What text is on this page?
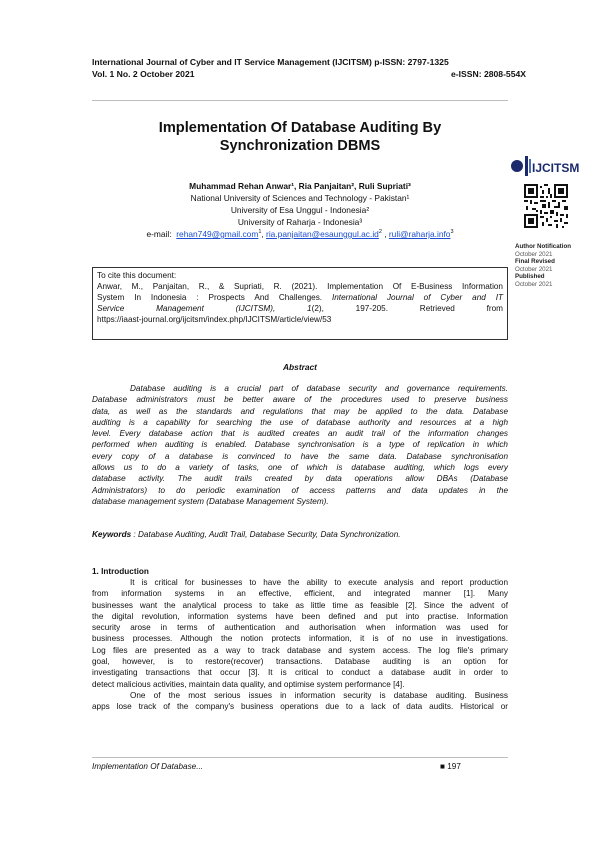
International Journal of Cyber and IT Service Management (IJCITSM) p-ISSN: 2797-1325
Vol. 1 No. 2 October 2021	e-ISSN: 2808-554X
Implementation Of Database Auditing By
Synchronization DBMS
Muhammad Rehan Anwar¹, Ria Panjaitan², Ruli Supriati³
National University of Sciences and Technology - Pakistan¹
University of Esa Unggul - Indonesia²
University of Raharja - Indonesia³
e-mail: rehan749@gmail.com$^1$, $ria.panjaitan@esaunggul.ac.id^2$ , ruli@raharja.info$^3$
IJCITSM
Author Notification
October 2021
Final Revised
October 2021
Published
October 2021
To cite this document:
Anwar, M., Panjaitan, R., & Supriati, R. (2021). Implementation Of E-Business Information
System In Indonesia : Prospects And Challenges. International Journal of Cyber and IT
Service Management (IJCITSM),	1(2), 197-205. Retrieved from
https://iaast-journal.org/ijcitsm/index.php/IJCITSM/article/view/53
Abstract
Database auditing is a crucial part of database security and governance requirements.
Database administrators must be better aware of the procedures used to preserve business
data, as well as the standards and regulations that may be applied to the data. Database
auditing is a capability for searching the use of database authority and resources at a high
level. Every database action that is audited creates an audit trail of the information changes
performed when auditing is enabled. Database synchronisation is a type of replication in which
every copy of a database is convinced to have the same data. Database synchronisation
allows us to do a variety of tasks, one of which is database auditing, which logs every
database activity. The audit trails created by data operations allow DBAs (Database
Administrators) to do periodic examination of access patterns and data updates in the
database management system (Database Management System).
Keywords : Database Auditing, Audit Trail, Database Security, Data Synchronization.
1. Introduction
It is critical for businesses to have the ability to execute analysis and report production
from information systems in an effective, efficient, and integrated manner [1]. Many
businesses want the analytical process to take as little time as feasible [2]. Since the advent of
the digital revolution, information systems have been defined and put into practise. Information
security arose in terms of authentication and authorisation when information was used for
business processes. Although the notion protects information, it is of no use in investigations.
Log files are presented as a way to track database and system access. The log file's primary
goal, however, is to restore(recover) transactions. Database auditing is an option for
investigating transactions that occur [3]. It is critical to conduct a database audit in order to
detect malicious activities, maintain data quality, and optimise system performance [4].
One of the most serious issues in information security is database auditing. Business
apps lose track of the company's business operations due to a lack of data audits. Historical or
Implementation Of Database...	■ 197
